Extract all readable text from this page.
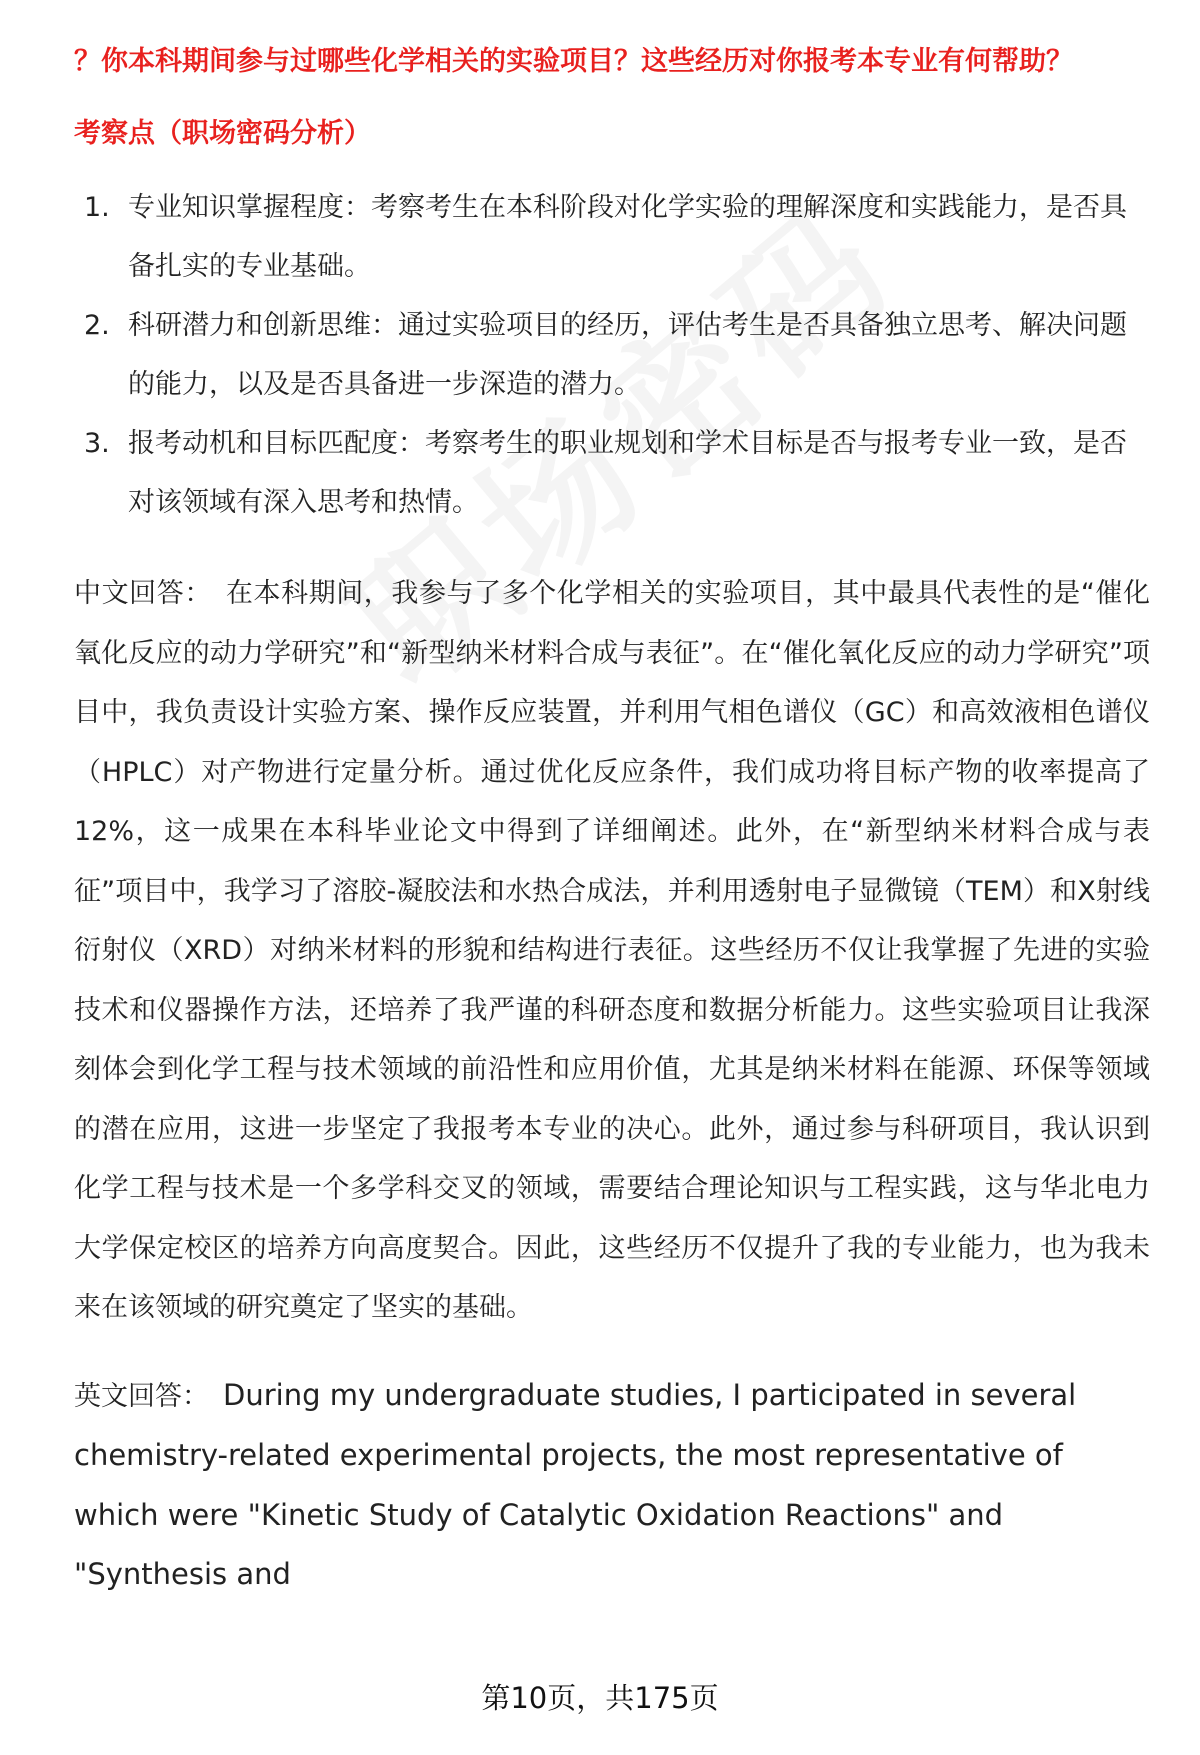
？你本科期间参与过哪些化学相关的实验项目？这些经历对你报考本专业有何帮助？

考察点（职场密码分析）
1. 专业知识掌握程度：考察考生在本科阶段对化学实验的理解深度和实践能力，是否具备扎实的专业基础。
2. 科研潜力和创新思维：通过实验项目的经历，评估考生是否具备独立思考、解决问题的能力，以及是否具备进一步深造的潜力。
3. 报考动机和目标匹配度：考察考生的职业规划和学术目标是否与报考专业一致，是否对该领域有深入思考和热情。

中文回答： 在本科期间，我参与了多个化学相关的实验项目，其中最具代表性的是“催化氧化反应的动力学研究”和“新型纳米材料合成与表征”。在“催化氧化反应的动力学研究”项目中，我负责设计实验方案、操作反应装置，并利用气相色谱仪（GC）和高效液相色谱仪（HPLC）对产物进行定量分析。通过优化反应条件，我们成功将目标产物的收率提高了12%，这一成果在本科毕业论文中得到了详细阐述。此外，在“新型纳米材料合成与表征”项目中，我学习了溶胶-凝胶法和水热合成法，并利用透射电子显微镜（TEM）和X射线衍射仪（XRD）对纳米材料的形貌和结构进行表征。这些经历不仅让我掌握了先进的实验技术和仪器操作方法，还培养了我严谨的科研态度和数据分析能力。这些实验项目让我深刻体会到化学工程与技术领域的前沿性和应用价值，尤其是纳米材料在能源、环保等领域的潜在应用，这进一步坚定了我报考本专业的决心。此外，通过参与科研项目，我认识到化学工程与技术是一个多学科交叉的领域，需要结合理论知识与工程实践，这与华北电力大学保定校区的培养方向高度契合。因此，这些经历不仅提升了我的专业能力，也为我未来在该领域的研究奠定了坚实的基础。

英文回答： During my undergraduate studies, I participated in several chemistry-related experimental projects, the most representative of which were "Kinetic Study of Catalytic Oxidation Reactions" and "Synthesis and

第10页，共175页
